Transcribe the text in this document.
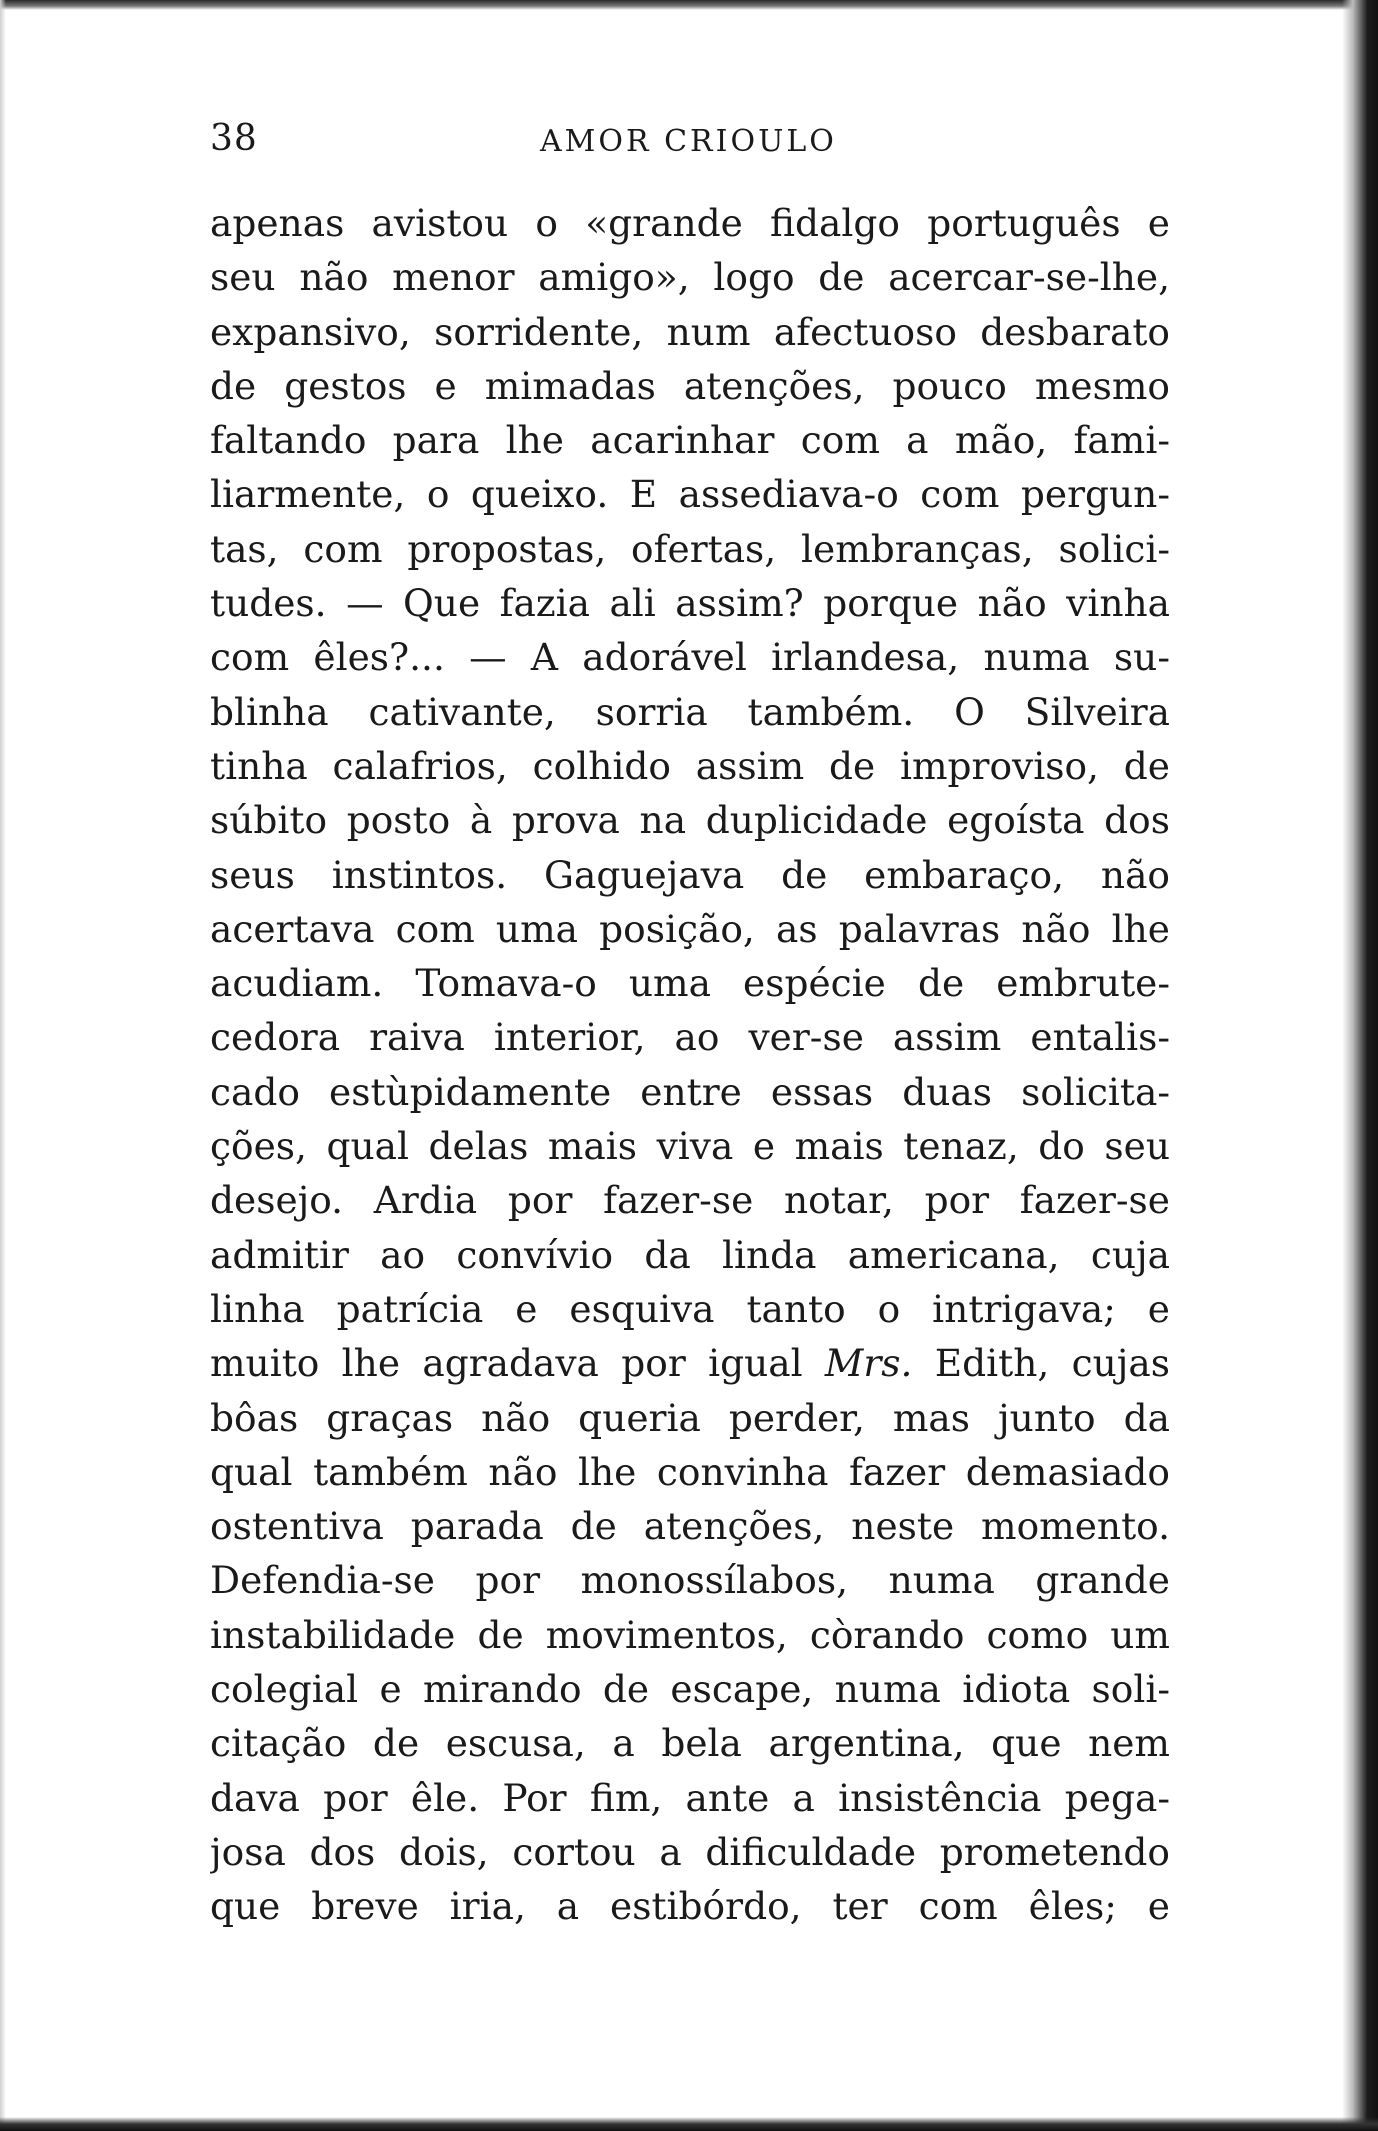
38	AMOR CRIOULO
apenas avistou o «grande fidalgo português e
seu não menor amigo», logo de acercar-se-lhe,
expansivo, sorridente, num afectuoso desbarato
de gestos e mimadas atenções, pouco mesmo
faltando para lhe acarinhar com a mão, fami-
liarmente, o queixo. E assediava-o com pergun-
tas, com propostas, ofertas, lembranças, solici-
tudes. — Que fazia ali assim? porque não vinha
com êles?... — A adorável irlandesa, numa su-
blinha cativante, sorria também. O Silveira
tinha calafrios, colhido assim de improviso, de
súbito posto à prova na duplicidade egoísta dos
seus instintos. Gaguejava de embaraço, não
acertava com uma posição, as palavras não lhe
acudiam. Tomava-o uma espécie de embrute-
cedora raiva interior, ao ver-se assim entalis-
cado estùpidamente entre essas duas solicita-
ções, qual delas mais viva e mais tenaz, do seu
desejo. Ardia por fazer-se notar, por fazer-se
admitir ao convívio da linda americana, cuja
linha patrícia e esquiva tanto o intrigava; e
muito lhe agradava por igual Mrs. Edith, cujas
bôas graças não queria perder, mas junto da
qual também não lhe convinha fazer demasiado
ostentiva parada de atenções, neste momento.
Defendia-se por monossílabos, numa grande
instabilidade de movimentos, còrando como um
colegial e mirando de escape, numa idiota soli-
citação de escusa, a bela argentina, que nem
dava por êle. Por fim, ante a insistência pega-
josa dos dois, cortou a dificuldade prometendo
que breve iria, a estibórdo, ter com êles; e
